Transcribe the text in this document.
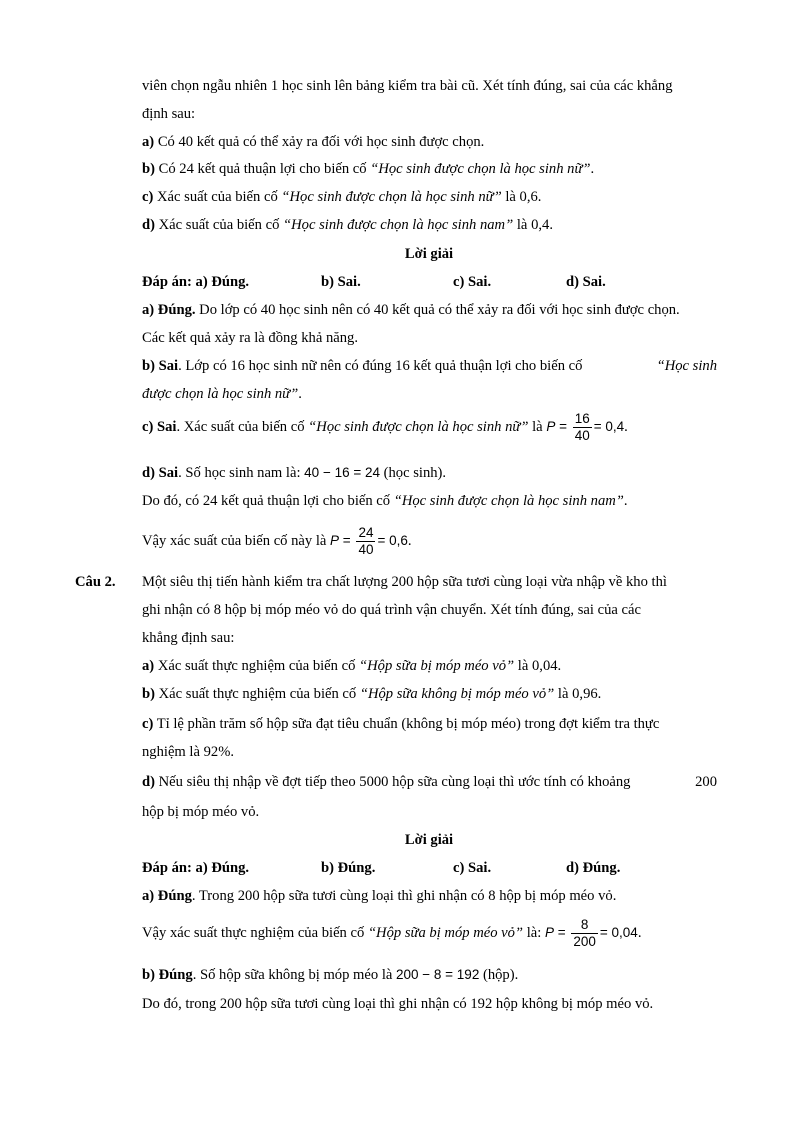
viên chọn ngẫu nhiên 1 học sinh lên bảng kiểm tra bài cũ. Xét tính đúng, sai của các khẳng
định sau:
a) Có 40 kết quả có thể xảy ra đối với học sinh được chọn.
b) Có 24 kết quả thuận lợi cho biến cố “Học sinh được chọn là học sinh nữ”.
c) Xác suất của biến cố “Học sinh được chọn là học sinh nữ” là 0,6.
d) Xác suất của biến cố “Học sinh được chọn là học sinh nam” là 0,4.
Lời giải
Đáp án: a) Đúng.	b) Sai.	c) Sai.	d) Sai.
a) Đúng. Do lớp có 40 học sinh nên có 40 kết quả có thể xảy ra đối với học sinh được chọn.
Các kết quả xảy ra là đồng khả năng.
b) Sai. Lớp có 16 học sinh nữ nên có đúng 16 kết quả thuận lợi cho biến cố	“Học sinh
được chọn là học sinh nữ”.
c) Sai. Xác suất của biến cố “Học sinh được chọn là học sinh nữ” là $P = \frac{16}{40} = 0,4$.
d) Sai. Số học sinh nam là: 40 − 16 = 24 (học sinh).
Do đó, có 24 kết quả thuận lợi cho biến cố “Học sinh được chọn là học sinh nam”.
Vậy xác suất của biến cố này là $P = \frac{24}{40} = 0,6$.
Câu 2. Một siêu thị tiến hành kiểm tra chất lượng 200 hộp sữa tươi cùng loại vừa nhập về kho thì
ghi nhận có 8 hộp bị móp méo vỏ do quá trình vận chuyển. Xét tính đúng, sai của các
khẳng định sau:
a) Xác suất thực nghiệm của biến cố “Hộp sữa bị móp méo vỏ” là 0,04.
b) Xác suất thực nghiệm của biến cố “Hộp sữa không bị móp méo vỏ” là 0,96.
c) Tỉ lệ phần trăm số hộp sữa đạt tiêu chuẩn (không bị móp méo) trong đợt kiểm tra thực
nghiệm là 92%.
d) Nếu siêu thị nhập về đợt tiếp theo 5000 hộp sữa cùng loại thì ước tính có khoảng	200
hộp bị móp méo vỏ.
Lời giải
Đáp án: a) Đúng.	b) Đúng.	c) Sai.	d) Đúng.
a) Đúng. Trong 200 hộp sữa tươi cùng loại thì ghi nhận có 8 hộp bị móp méo vỏ.
Vậy xác suất thực nghiệm của biến cố “Hộp sữa bị móp méo vỏ” là: $P = \frac{8}{200} = 0,04$.
b) Đúng. Số hộp sữa không bị móp méo là 200 − 8 = 192 (hộp).
Do đó, trong 200 hộp sữa tươi cùng loại thì ghi nhận có 192 hộp không bị móp méo vỏ.
